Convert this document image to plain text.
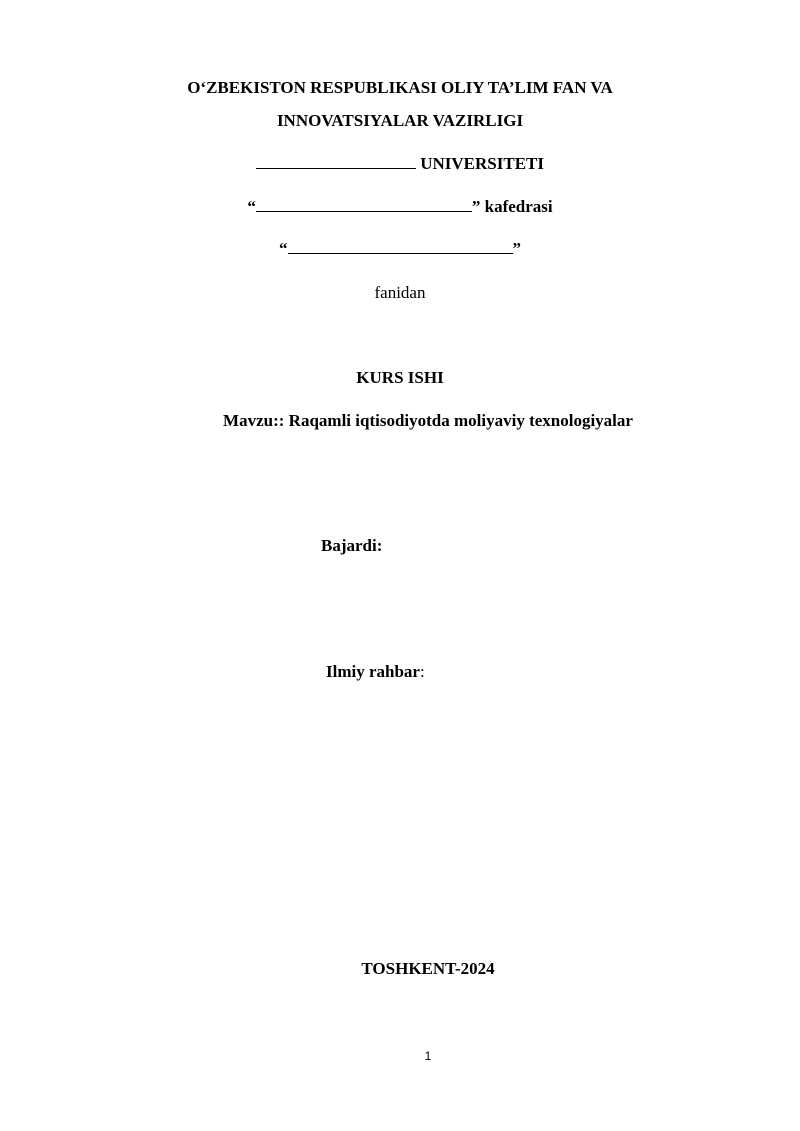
O‘ZBEKISTON RESPUBLIKASI OLIY TA’LIM FAN VA
INNOVATSIYALAR VAZIRLIGI
UNIVERSITETI
“	” kafedrasi
“	”
fanidan
KURS ISHI
Mavzu:: Raqamli iqtisodiyotda moliyaviy texnologiyalar
Bajardi:
Ilmiy rahbar:
TOSHKENT-2024
1
